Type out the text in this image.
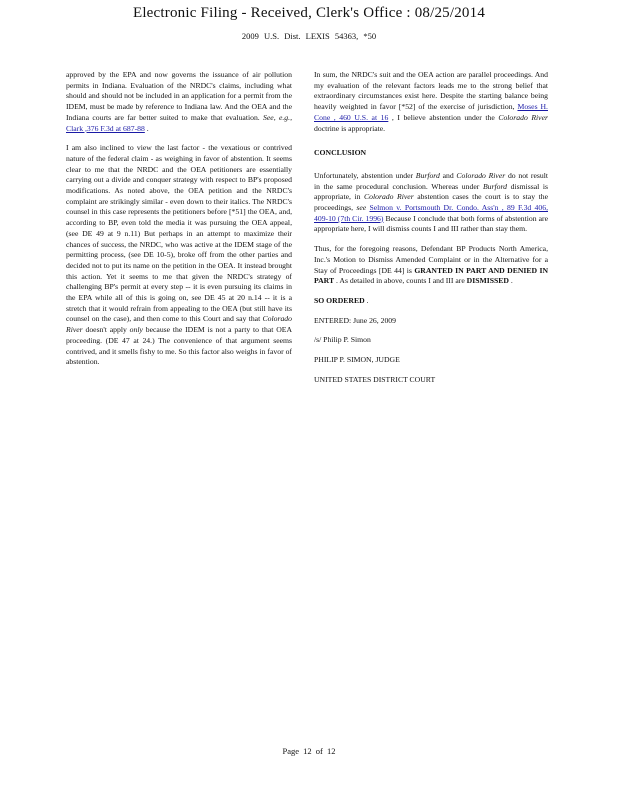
Electronic Filing - Received, Clerk's Office : 08/25/2014
2009 U.S. Dist. LEXIS 54363, *50

approved by the EPA and now governs the issuance of air pollution permits in Indiana. Evaluation of the NRDC's claims, including what should and should not be included in an application for a permit from the IDEM, must be made by reference to Indiana law. And the OEA and the Indiana courts are far better suited to make that evaluation. See, e.g., Clark ,376 F.3d at 687-88 .

I am also inclined to view the last factor - the vexatious or contrived nature of the federal claim - as weighing in favor of abstention. It seems clear to me that the NRDC and the OEA petitioners are essentially carrying out a divide and conquer strategy with respect to BP's proposed modifications. As noted above, the OEA petition and the NRDC's complaint are strikingly similar - even down to their italics. The NRDC's counsel in this case represents the petitioners before [*51] the OEA, and, according to BP, even told the media it was pursuing the OEA appeal, (see DE 49 at 9 n.11) But perhaps in an attempt to maximize their chances of success, the NRDC, who was active at the IDEM stage of the permitting process, (see DE 10-5), broke off from the other parties and decided not to put its name on the petition in the OEA. It instead brought this action. Yet it seems to me that given the NRDC's strategy of challenging BP's permit at every step -- it is even pursuing its claims in the EPA while all of this is going on, see DE 45 at 20 n.14 -- it is a stretch that it would refrain from appealing to the OEA (but still have its counsel on the case), and then come to this Court and say that Colorado River doesn't apply only because the IDEM is not a party to that OEA proceeding. (DE 47 at 24.) The convenience of that argument seems contrived, and it smells fishy to me. So this factor also weighs in favor of abstention.

In sum, the NRDC's suit and the OEA action are parallel proceedings. And my evaluation of the relevant factors leads me to the strong belief that extraordinary circumstances exist here. Despite the starting balance being heavily weighted in favor [*52] of the exercise of jurisdiction, Moses H. Cone , 460 U.S. at 16 , I believe abstention under the Colorado River doctrine is appropriate.

CONCLUSION

Unfortunately, abstention under Burford and Colorado River do not result in the same procedural conclusion. Whereas under Burford dismissal is appropriate, in Colorado River abstention cases the court is to stay the proceedings, see Selmon v. Portsmouth Dr. Condo. Ass'n , 89 F.3d 406, 409-10 (7th Cir. 1996) Because I conclude that both forms of abstention are appropriate here, I will dismiss counts I and III rather than stay them.

Thus, for the foregoing reasons, Defendant BP Products North America, Inc.'s Motion to Dismiss Amended Complaint or in the Alternative for a Stay of Proceedings [DE 44] is GRANTED IN PART AND DENIED IN PART . As detailed in above, counts I and III are DISMISSED .

SO ORDERED .

ENTERED: June 26, 2009

/s/ Philip P. Simon

PHILIP P. SIMON, JUDGE

UNITED STATES DISTRICT COURT

Page 12 of 12
